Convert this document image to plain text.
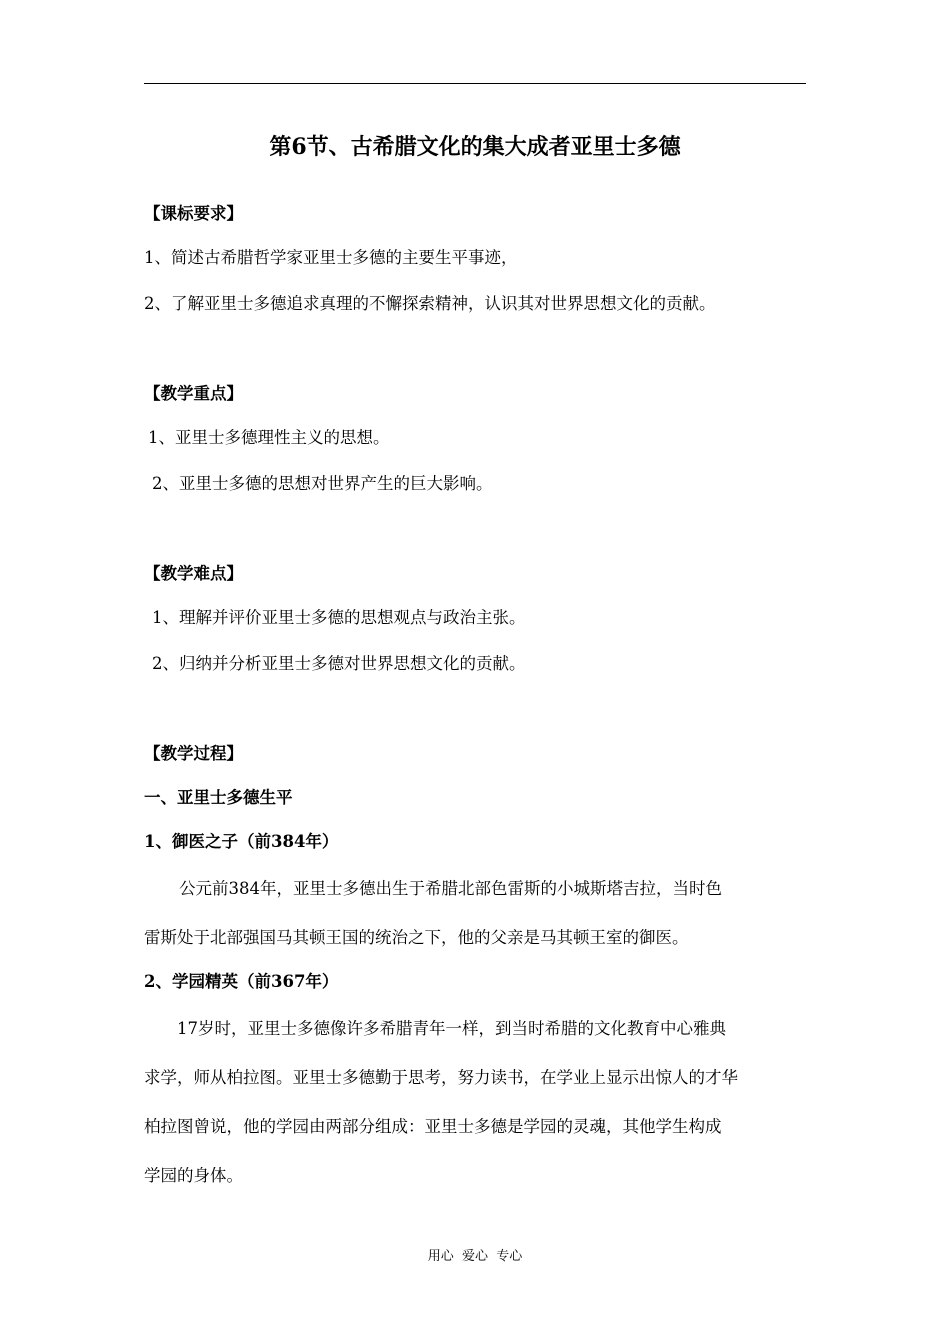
第6节、古希腊文化的集大成者亚里士多德
【课标要求】
1、简述古希腊哲学家亚里士多德的主要生平事迹，
2、了解亚里士多德追求真理的不懈探索精神，认识其对世界思想文化的贡献。
【教学重点】
1、亚里士多德理性主义的思想。
2、亚里士多德的思想对世界产生的巨大影响。
【教学难点】
1、理解并评价亚里士多德的思想观点与政治主张。
2、归纳并分析亚里士多德对世界思想文化的贡献。
【教学过程】
一、亚里士多德生平
1、御医之子（前384年）
公元前384年，亚里士多德出生于希腊北部色雷斯的小城斯塔吉拉，当时色
雷斯处于北部强国马其顿王国的统治之下，他的父亲是马其顿王室的御医。
2、学园精英（前367年）
17岁时，亚里士多德像许多希腊青年一样，到当时希腊的文化教育中心雅典
求学，师从柏拉图。亚里士多德勤于思考，努力读书，在学业上显示出惊人的才华
柏拉图曾说，他的学园由两部分组成：亚里士多德是学园的灵魂，其他学生构成
学园的身体。
用心  爱心  专心
